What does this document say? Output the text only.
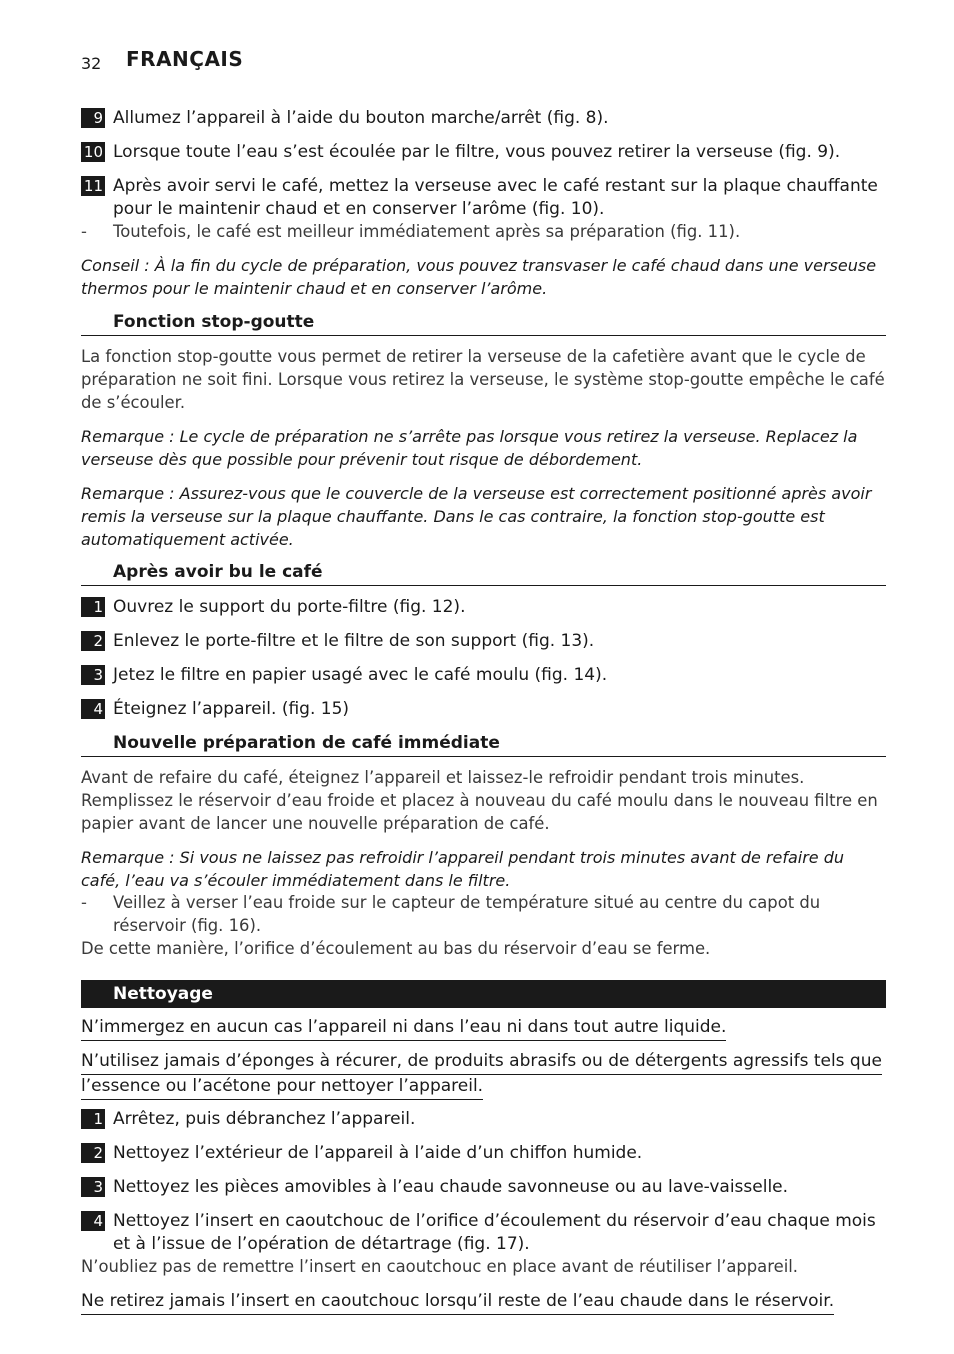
32 FRANÇAIS
9 Allumez l’appareil à l’aide du bouton marche/arrêt (fig. 8).
10 Lorsque toute l’eau s’est écoulée par le filtre, vous pouvez retirer la verseuse (fig. 9).
11 Après avoir servi le café, mettez la verseuse avec le café restant sur la plaque chauffante pour le maintenir chaud et en conserver l’arôme (fig. 10).
-	Toutefois, le café est meilleur immédiatement après sa préparation (fig. 11).
Conseil : À la fin du cycle de préparation, vous pouvez transvaser le café chaud dans une verseuse thermos pour le maintenir chaud et en conserver l’arôme.
Fonction stop-goutte
La fonction stop-goutte vous permet de retirer la verseuse de la cafetière avant que le cycle de préparation ne soit fini. Lorsque vous retirez la verseuse, le système stop-goutte empêche le café de s’écouler.
Remarque : Le cycle de préparation ne s’arrête pas lorsque vous retirez la verseuse. Replacez la verseuse dès que possible pour prévenir tout risque de débordement.
Remarque : Assurez-vous que le couvercle de la verseuse est correctement positionné après avoir remis la verseuse sur la plaque chauffante. Dans le cas contraire, la fonction stop-goutte est automatiquement activée.
Après avoir bu le café
1 Ouvrez le support du porte-filtre (fig. 12).
2 Enlevez le porte-filtre et le filtre de son support (fig. 13).
3 Jetez le filtre en papier usagé avec le café moulu (fig. 14).
4 Éteignez l’appareil. (fig. 15)
Nouvelle préparation de café immédiate
Avant de refaire du café, éteignez l’appareil et laissez-le refroidir pendant trois minutes. Remplissez le réservoir d’eau froide et placez à nouveau du café moulu dans le nouveau filtre en papier avant de lancer une nouvelle préparation de café.
Remarque : Si vous ne laissez pas refroidir l’appareil pendant trois minutes avant de refaire du café, l’eau va s’écouler immédiatement dans le filtre.
-	Veillez à verser l’eau froide sur le capteur de température situé au centre du capot du réservoir (fig. 16).
De cette manière, l’orifice d’écoulement au bas du réservoir d’eau se ferme.
Nettoyage
N’immergez en aucun cas l’appareil ni dans l’eau ni dans tout autre liquide.
N’utilisez jamais d’éponges à récurer, de produits abrasifs ou de détergents agressifs tels que
l’essence ou l’acétone pour nettoyer l’appareil.
1 Arrêtez, puis débranchez l’appareil.
2 Nettoyez l’extérieur de l’appareil à l’aide d’un chiffon humide.
3 Nettoyez les pièces amovibles à l’eau chaude savonneuse ou au lave-vaisselle.
4 Nettoyez l’insert en caoutchouc de l’orifice d’écoulement du réservoir d’eau chaque mois et à l’issue de l’opération de détartrage (fig. 17).
N’oubliez pas de remettre l’insert en caoutchouc en place avant de réutiliser l’appareil.
Ne retirez jamais l’insert en caoutchouc lorsqu’il reste de l’eau chaude dans le réservoir.
